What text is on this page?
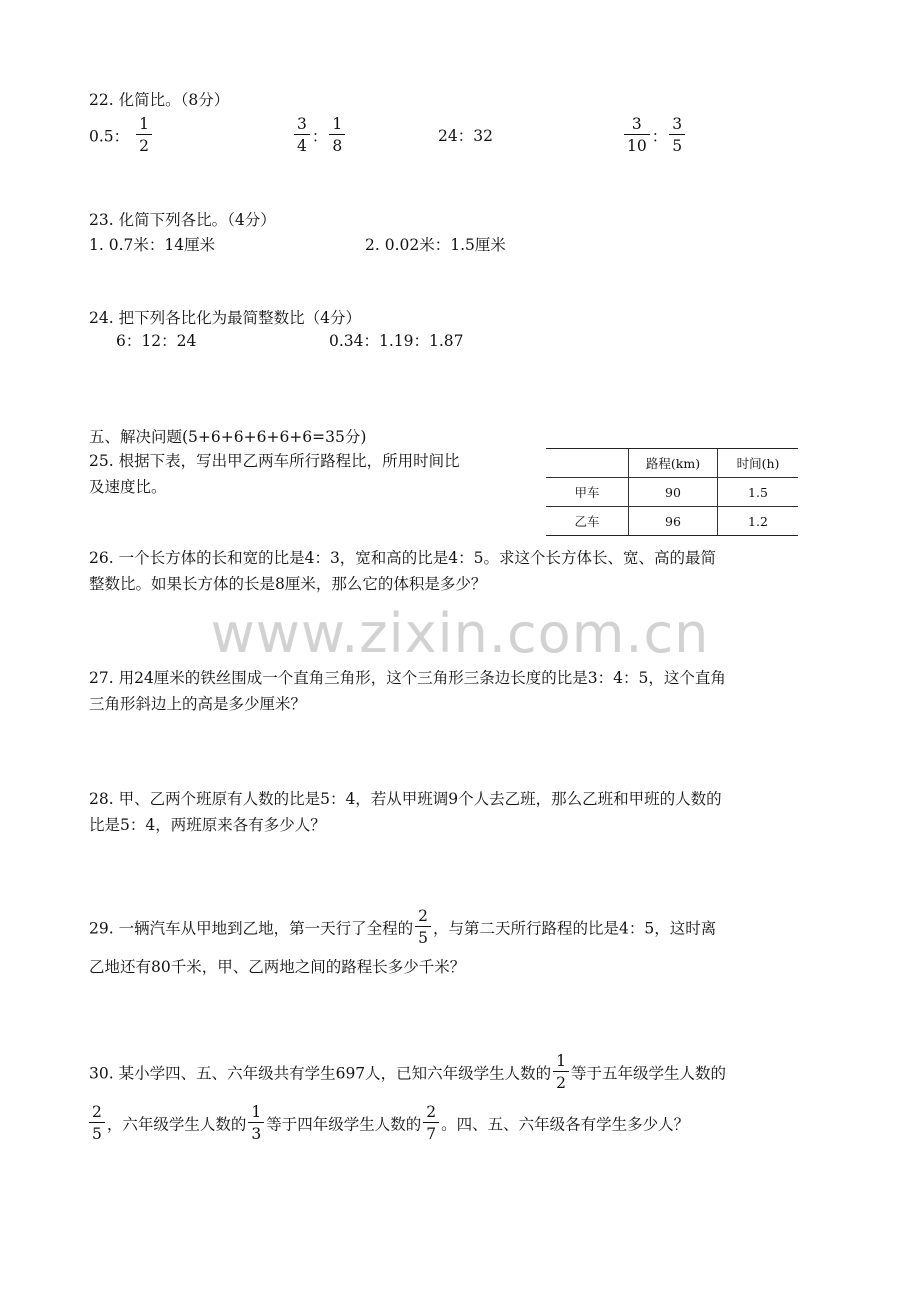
www.zixin.com.cn
22. 化简比。（8分）
0.5： $\frac{1}{2}$	$\frac{3}{4}$ ： $\frac{1}{8}$	24：32	$\frac{3}{10}$ ： $\frac{3}{5}$
23. 化简下列各比。（4分）
1. 0.7米：14厘米	2. 0.02米：1.5厘米
24. 把下列各比化为最简整数比（4分）
6：12：24	0.34：1.19：1.87
五、解决问题(5+6+6+6+6+6=35分)
25. 根据下表，写出甲乙两车所行路程比，所用时间比
及速度比。
	路程(km)	时间(h)
甲车	90	1.5
乙车	96	1.2
26. 一个长方体的长和宽的比是4：3，宽和高的比是4：5。求这个长方体长、宽、高的最简
整数比。如果长方体的长是8厘米，那么它的体积是多少？
27. 用24厘米的铁丝围成一个直角三角形，这个三角形三条边长度的比是3：4：5，这个直角
三角形斜边上的高是多少厘米？
28. 甲、乙两个班原有人数的比是5：4，若从甲班调9个人去乙班，那么乙班和甲班的人数的
比是5：4，两班原来各有多少人？
29. 一辆汽车从甲地到乙地，第一天行了全程的 $\frac{2}{5}$ ，与第二天所行路程的比是4：5，这时离
乙地还有80千米，甲、乙两地之间的路程长多少千米？
30. 某小学四、五、六年级共有学生697人，已知六年级学生人数的 $\frac{1}{2}$ 等于五年级学生人数的
$\frac{2}{5}$ ，六年级学生人数的 $\frac{1}{3}$ 等于四年级学生人数的 $\frac{2}{7}$ 。四、五、六年级各有学生多少人？
